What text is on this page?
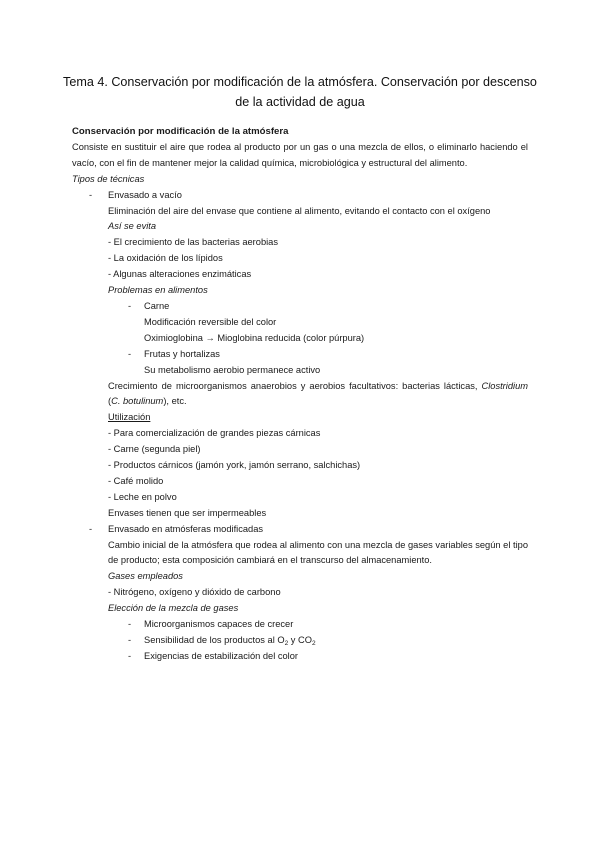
Tema 4. Conservación por modificación de la atmósfera. Conservación por descenso
de la actividad de agua
Conservación por modificación de la atmósfera
Consiste en sustituir el aire que rodea al producto por un gas o una mezcla de ellos, o eliminarlo haciendo el vacío, con el fin de mantener mejor la calidad química, microbiológica y estructural del alimento.
Tipos de técnicas
-	Envasado a vacío
Eliminación del aire del envase que contiene al alimento, evitando el contacto con el oxígeno
Así se evita
- El crecimiento de las bacterias aerobias
- La oxidación de los lípidos
- Algunas alteraciones enzimáticas
Problemas en alimentos
-	Carne
Modificación reversible del color
Oximioglobina → Mioglobina reducida (color púrpura)
-	Frutas y hortalizas
Su metabolismo aerobio permanece activo
Crecimiento de microorganismos anaerobios y aerobios facultativos: bacterias lácticas, Clostridium (C. botulinum), etc.
Utilización
- Para comercialización de grandes piezas cárnicas
- Carne (segunda piel)
- Productos cárnicos (jamón york, jamón serrano, salchichas)
- Café molido
- Leche en polvo
Envases tienen que ser impermeables
-	Envasado en atmósferas modificadas
Cambio inicial de la atmósfera que rodea al alimento con una mezcla de gases variables según el tipo de producto; esta composición cambiará en el transcurso del almacenamiento.
Gases empleados
- Nitrógeno, oxígeno y dióxido de carbono
Elección de la mezcla de gases
-	Microorganismos capaces de crecer
-	Sensibilidad de los productos al $O_2$ y $CO_2$
-	Exigencias de estabilización del color
